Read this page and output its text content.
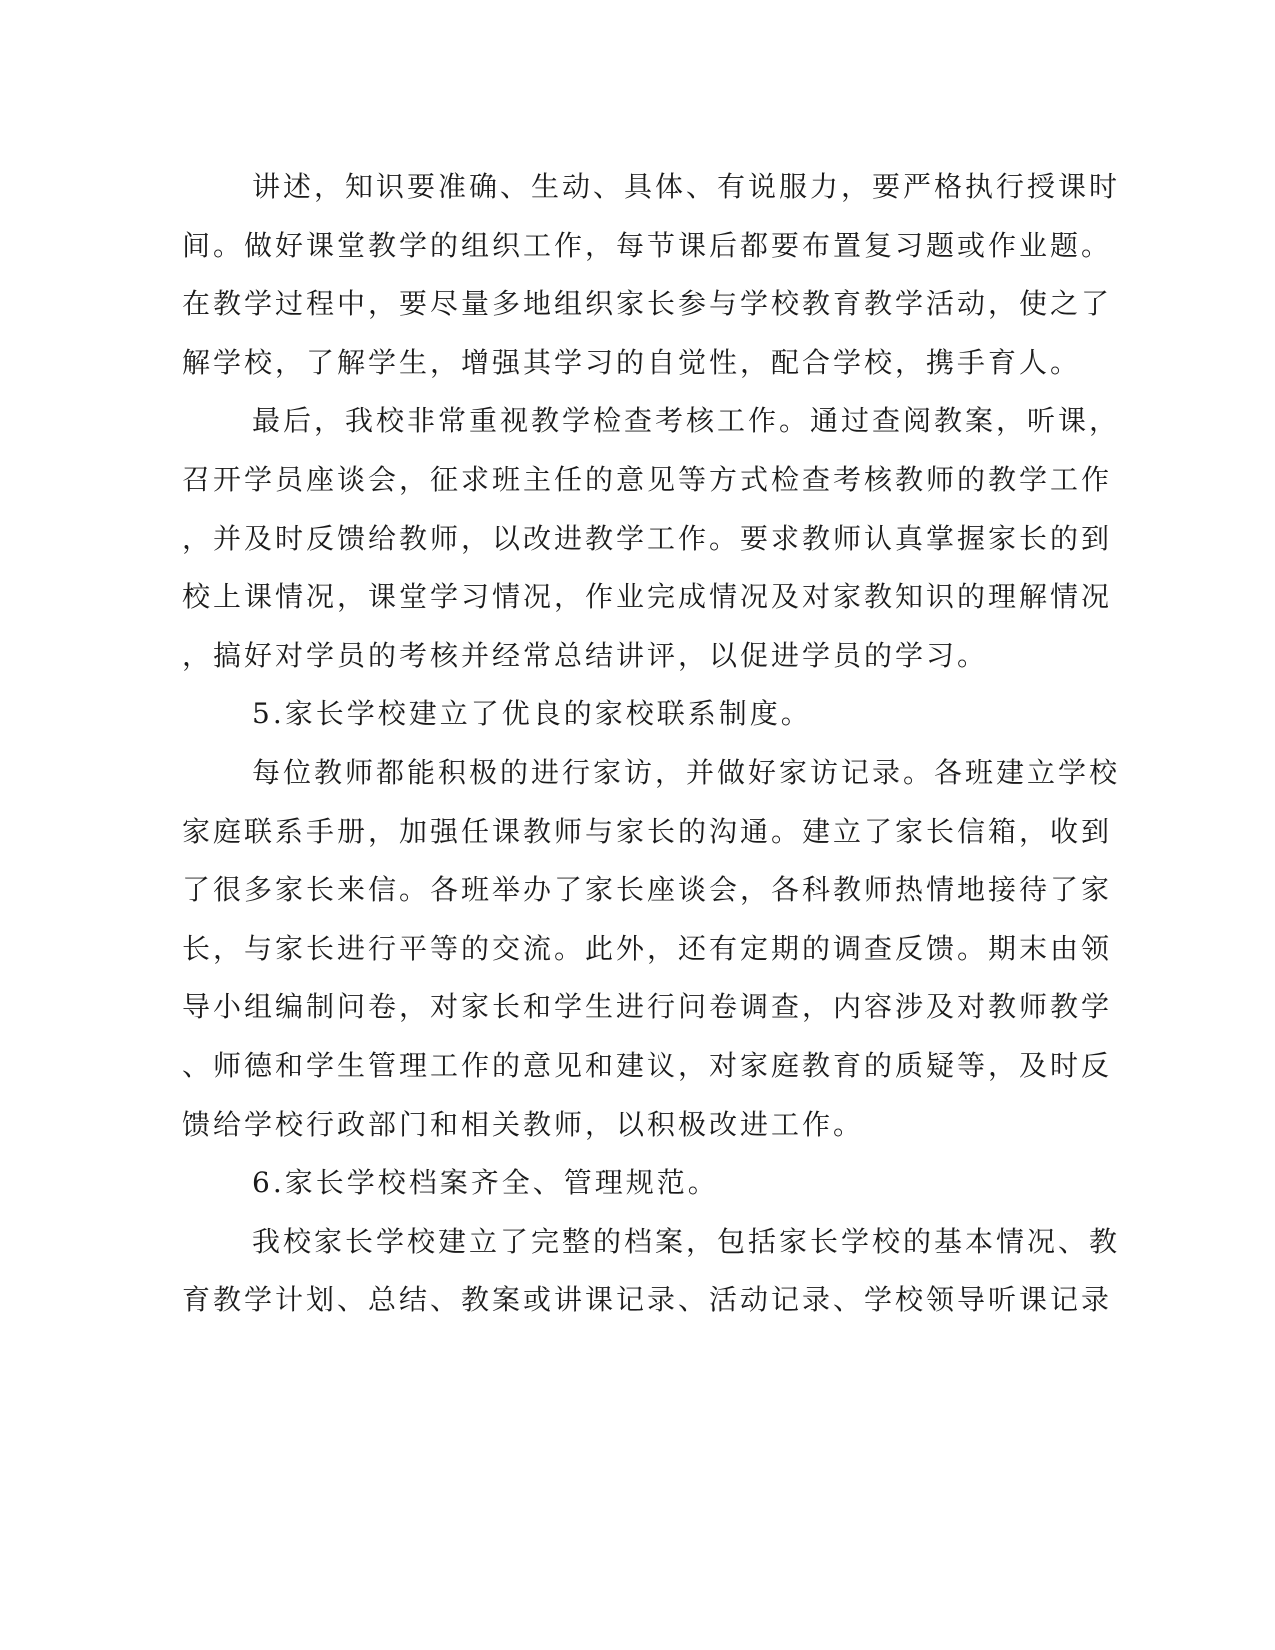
讲述，知识要准确、生动、具体、有说服力，要严格执行授课时
间。做好课堂教学的组织工作，每节课后都要布置复习题或作业题。
在教学过程中，要尽量多地组织家长参与学校教育教学活动，使之了
解学校，了解学生，增强其学习的自觉性，配合学校，携手育人。
最后，我校非常重视教学检查考核工作。通过查阅教案，听课，
召开学员座谈会，征求班主任的意见等方式检查考核教师的教学工作
，并及时反馈给教师，以改进教学工作。要求教师认真掌握家长的到
校上课情况，课堂学习情况，作业完成情况及对家教知识的理解情况
，搞好对学员的考核并经常总结讲评，以促进学员的学习。
5.家长学校建立了优良的家校联系制度。
每位教师都能积极的进行家访，并做好家访记录。各班建立学校
家庭联系手册，加强任课教师与家长的沟通。建立了家长信箱，收到
了很多家长来信。各班举办了家长座谈会，各科教师热情地接待了家
长，与家长进行平等的交流。此外，还有定期的调查反馈。期末由领
导小组编制问卷，对家长和学生进行问卷调查，内容涉及对教师教学
、师德和学生管理工作的意见和建议，对家庭教育的质疑等，及时反
馈给学校行政部门和相关教师，以积极改进工作。
6.家长学校档案齐全、管理规范。
我校家长学校建立了完整的档案，包括家长学校的基本情况、教
育教学计划、总结、教案或讲课记录、活动记录、学校领导听课记录
